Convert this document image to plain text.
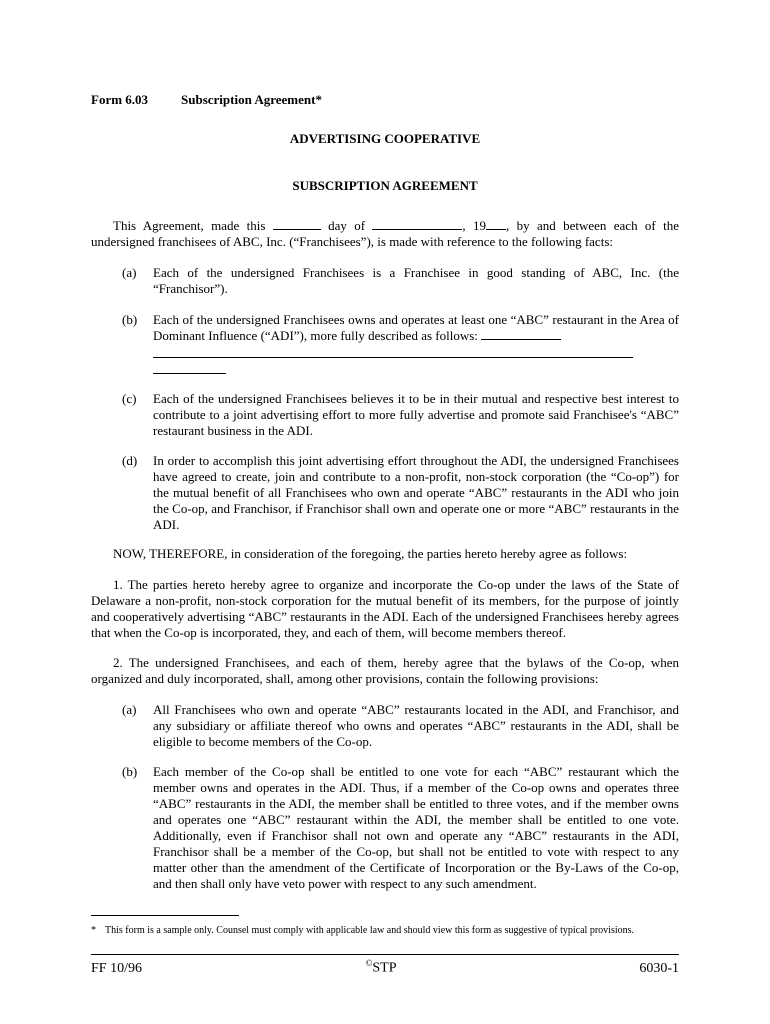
Form 6.03	Subscription Agreement*
ADVERTISING COOPERATIVE
SUBSCRIPTION AGREEMENT

This Agreement, made this	day of	, 19 , by and between each of the undersigned franchisees of ABC, Inc. (“Franchisees”), is made with reference to the following facts:

(a) Each of the undersigned Franchisees is a Franchisee in good standing of ABC, Inc. (the “Franchisor”).
(b) Each of the undersigned Franchisees owns and operates at least one “ABC” restaurant in the Area of Dominant Influence (“ADI”), more fully described as follows:
(c) Each of the undersigned Franchisees believes it to be in their mutual and respective best interest to contribute to a joint advertising effort to more fully advertise and promote said Franchisee's “ABC” restaurant business in the ADI.
(d) In order to accomplish this joint advertising effort throughout the ADI, the undersigned Franchisees have agreed to create, join and contribute to a non-profit, non-stock corporation (the “Co-op”) for the mutual benefit of all Franchisees who own and operate “ABC” restaurants in the ADI who join the Co-op, and Franchisor, if Franchisor shall own and operate one or more “ABC” restaurants in the ADI.

NOW, THEREFORE, in consideration of the foregoing, the parties hereto hereby agree as follows:

1. The parties hereto hereby agree to organize and incorporate the Co-op under the laws of the State of Delaware a non-profit, non-stock corporation for the mutual benefit of its members, for the purpose of jointly and cooperatively advertising “ABC” restaurants in the ADI. Each of the undersigned Franchisees hereby agrees that when the Co-op is incorporated, they, and each of them, will become members thereof.

2. The undersigned Franchisees, and each of them, hereby agree that the bylaws of the Co-op, when organized and duly incorporated, shall, among other provisions, contain the following provisions:

(a) All Franchisees who own and operate “ABC” restaurants located in the ADI, and Franchisor, and any subsidiary or affiliate thereof who owns and operates “ABC” restaurants in the ADI, shall be eligible to become members of the Co-op.
(b) Each member of the Co-op shall be entitled to one vote for each “ABC” restaurant which the member owns and operates in the ADI. Thus, if a member of the Co-op owns and operates three “ABC” restaurants in the ADI, the member shall be entitled to three votes, and if the member owns and operates one “ABC” restaurant within the ADI, the member shall be entitled to one vote. Additionally, even if Franchisor shall not own and operate any “ABC” restaurants in the ADI, Franchisor shall be a member of the Co-op, but shall not be entitled to vote with respect to any matter other than the amendment of the Certificate of Incorporation or the By-Laws of the Co-op, and then shall only have veto power with respect to any such amendment.
* This form is a sample only. Counsel must comply with applicable law and should view this form as suggestive of typical provisions.
FF 10/96	©STP	6030-1
